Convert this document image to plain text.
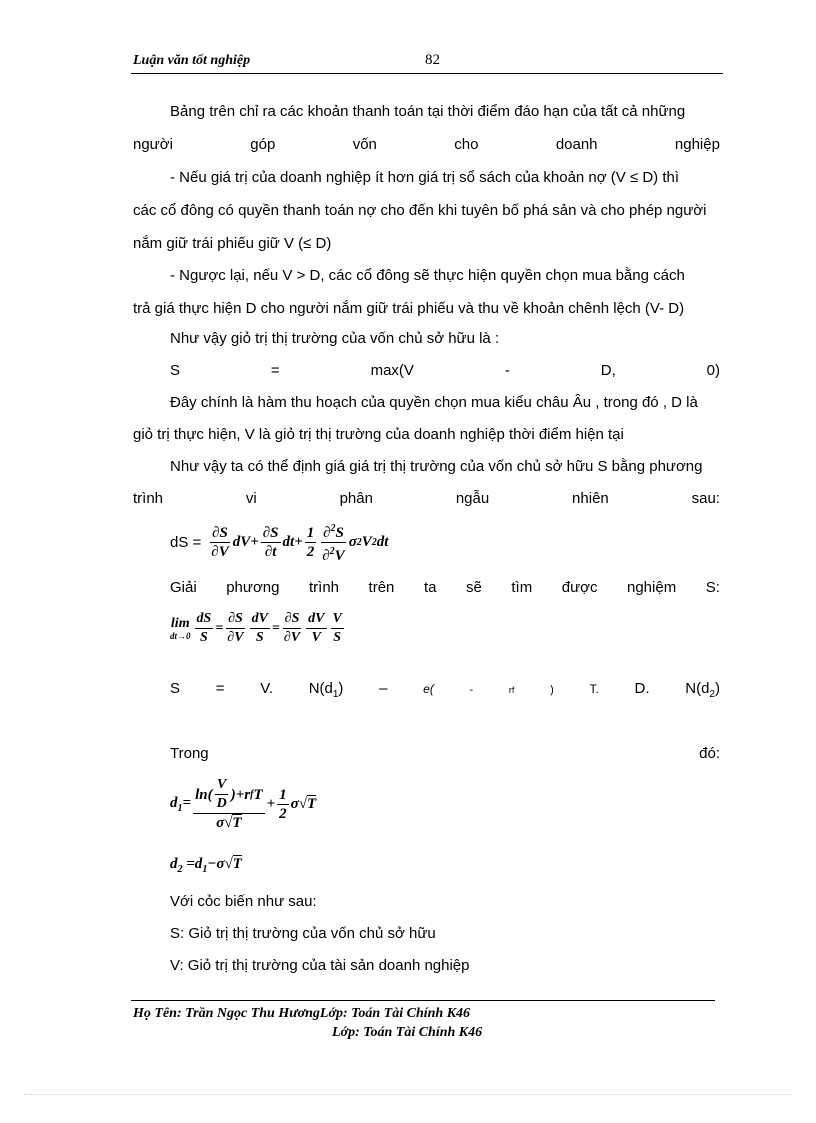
Luận văn tốt nghiệp	82
Bảng trên chỉ ra các khoản thanh toán tại thời điểm đáo hạn của tất cả những
người	góp	vốn	cho	doanh	nghiệp
- Nếu giá trị của doanh nghiệp ít hơn giá trị sổ sách của khoản nợ (V ≤ D) thì
các cổ đông có quyền thanh toán nợ cho đến khi tuyên bố phá sản và cho phép người
nắm giữ trái phiếu giữ V (≤ D)
- Ngược lại, nếu V > D, các cổ đông sẽ thực hiện quyền chọn mua bằng cách
trả giá thực hiện D cho người nắm giữ trái phiếu và thu về khoản chênh lệch (V- D)
Như vậy giỏ trị thị trường của vốn chủ sở hữu là :
S	=	max(V	-	D,	0)
Đây chính là hàm thu hoạch của quyền chọn mua kiểu châu Âu , trong đó , D là
giỏ trị thực hiện, V là giỏ trị thị trường của doanh nghiệp thời điểm hiện tại
Như vậy ta có thể định giá giá trị thị trường của vốn chủ sở hữu S bằng phương
trình	vi	phân	ngẫu	nhiên	sau:
dS = $\frac{\partial S}{\partial V} dV+ \frac{\partial S}{\partial t} dt+ \frac{1}{2} \frac{\partial^2S}{\partial^2V}$ σ 2 V 2 dt
Giải phương trình trên ta sẽ tìm được nghiệm S:
lim
$dt\to 0 \frac{dS}{S} = \frac{\partial S}{\partial V} \frac{dV}{S} = \frac{\partial S}{\partial V} \frac{dV}{V} \frac{V}{S}$
S = V. $N(d_1)$ –	e(	-	rf	)	T. D. $N(d_2)$
Trong	đó:
$d_1= \frac{\ln( \frac{V}{D} )+r f T}{\sigma√T} + \frac{1}{2} \sigma√$ T
$d_2 =d_1-\sigma√T$
Với cỏc biến như sau:
S: Giỏ trị thị trường của vốn chủ sở hữu
V: Giỏ trị thị trường của tài sản doanh nghiệp
Họ Tên: Trần Ngọc Thu HươngLớp: Toán Tài Chính K46
Lớp: Toán Tài Chính K46
